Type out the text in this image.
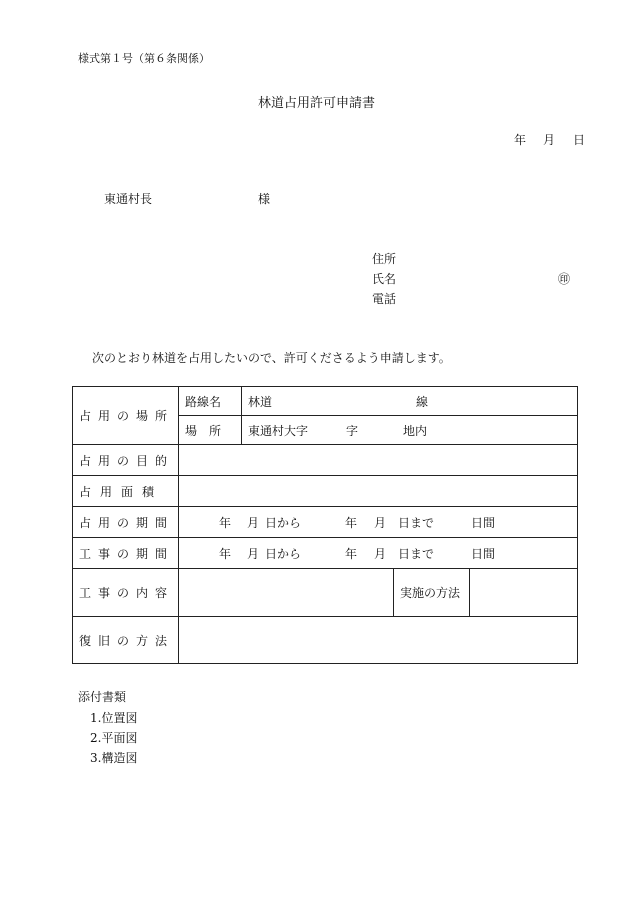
様式第１号（第６条関係）
林道占用許可申請書
年 月 日
東通村長	様
住所
氏名	㊞
電話
次のとおり林道を占用したいので、許可くださるよう申請します。
占用の場所	路線名	林道 線		
	場　所	東通村大字 字 地内		
占用の目的				
占用面積				
占用の期間	年 月 日から 年 月 日まで 日間			
工事の期間	年 月 日から 年 月 日まで 日間			
工事の内容			実施の方法	
復旧の方法				
添付書類
1.位置図
2.平面図
3.構造図
